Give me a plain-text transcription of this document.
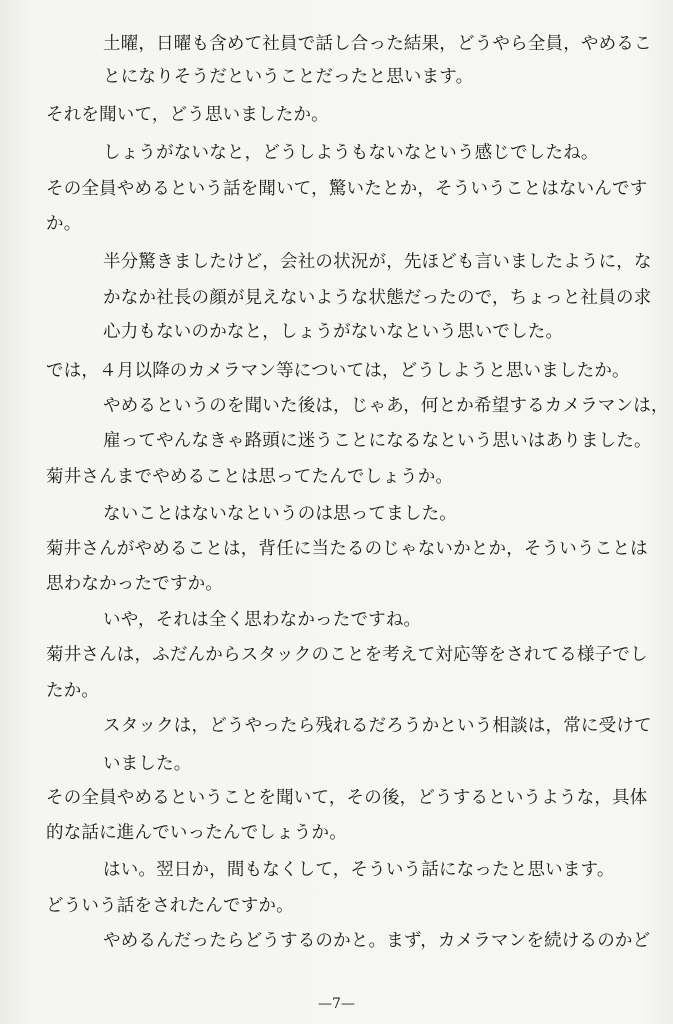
土曜，日曜も含めて社員で話し合った結果，どうやら全員，やめるこ
とになりそうだということだったと思います。
それを聞いて，どう思いましたか。
しょうがないなと，どうしようもないなという感じでしたね。
その全員やめるという話を聞いて，驚いたとか，そういうことはないんです
か。
半分驚きましたけど，会社の状況が，先ほども言いましたように，な
かなか社長の顔が見えないような状態だったので，ちょっと社員の求
心力もないのかなと，しょうがないなという思いでした。
では，４月以降のカメラマン等については，どうしようと思いましたか。
やめるというのを聞いた後は，じゃあ，何とか希望するカメラマンは，
雇ってやんなきゃ路頭に迷うことになるなという思いはありました。
菊井さんまでやめることは思ってたんでしょうか。
ないことはないなというのは思ってました。
菊井さんがやめることは，背任に当たるのじゃないかとか，そういうことは
思わなかったですか。
いや，それは全く思わなかったですね。
菊井さんは，ふだんからスタックのことを考えて対応等をされてる様子でし
たか。
スタックは，どうやったら残れるだろうかという相談は，常に受けて
いました。
その全員やめるということを聞いて，その後，どうするというような，具体
的な話に進んでいったんでしょうか。
はい。翌日か，間もなくして，そういう話になったと思います。
どういう話をされたんですか。
やめるんだったらどうするのかと。まず，カメラマンを続けるのかど
—7—
